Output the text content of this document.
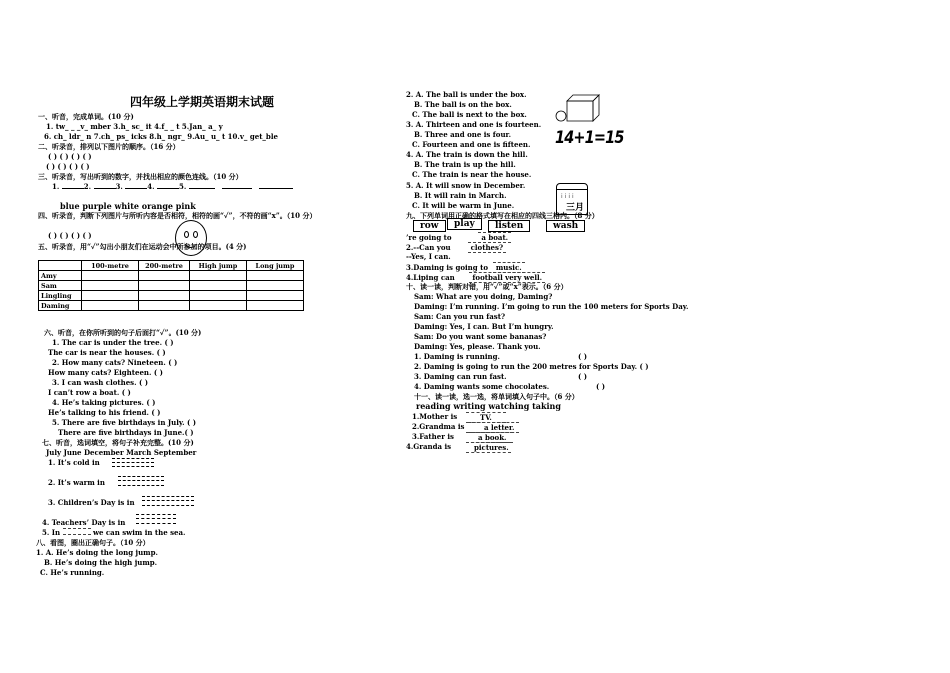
四年级上学期英语期末试题
一、听音，完成单词。(10 分)
1. tw_ _ _v_ mber 3.h_ sc_ it 4.f_ _ t 5.Jan_ a_ y
6. ch_ ldr_ n 7.ch_ ps_ icks 8.h_ ngr_ 9.Au_ u_ t 10.v_ get_ble
二、听录音，排列以下图片的顺序。（16 分）
( ) ( ) ( ) ( )
( ) ( ) ( ) ( )
三、听录音，写出听到的数字，并找出相应的颜色连线。（10 分）
1.	2.	3.	4.	5.
blue purple white orange pink
四、听录音，判断下列图片与所听内容是否相符，相符的画“✓”，不符的画“ⅹ”。（10 分）
( ) ( ) ( ) ( )
五、听录音，用“✓”勾出小朋友们在运动会中所参加的项目。(4 分)
	100-metre	200-metre	High jump	Long jump
Amy				
Sam				
Lingling				
Daming				
六、听音，在你所听到的句子后面打“✓”。(10 分)
1. The car is under the tree. ( )
The car is near the houses. ( )
2. How many cats? Nineteen. ( )
How many cats? Eighteen. ( )
3. I can wash clothes. ( )
I can’t row a boat. ( )
4. He’s taking pictures. ( )
He’s talking to his friend. ( )
5. There are five birthdays in July. ( )
There are five birthdays in June.( )
七、听音，选词填空，将句子补充完整。(10 分)
July June December March September
1. It’s cold in
2. It’s warm in
3. Children’s Day is in
4. Teachers’ Day is in
5. In	we can swim in the sea.
八、看图，圈出正确句子。（10 分）
1. A. He’s doing the long jump.
B. He’s doing the high jump.
C. He’s running.
2. A. The ball is under the box.
B. The ball is on the box.
C. The ball is next to the box.
3. A. Thirteen and one is fourteen.
B. Three and one is four.
C. Fourteen and one is fifteen.
4. A. The train is down the hill.
B. The train is up the hill.
C. The train is near the house.
5. A. It will snow in December.
B. It will rain in March.
C. It will be warm in June.
14+1=15
⁞⁞⁞⁞
三月
九、下列单词用正确的格式填写在相应的四线三格内。（8 分）
row	play	listen	wash
’re going to	a boat.
2.--Can you	clothes?
--Yes, I can.
3.Daming is going to music.
4.Liping can	football very well.
十、读一读，判断对错，用“✓”或“ⅹ”表示。（6 分）
Sam: What are you doing, Daming?
Daming: I’m running. I’m going to run the 100 meters for Sports Day.
Sam: Can you run fast?
Daming: Yes, I can. But I’m hungry.
Sam: Do you want some bananas?
Daming: Yes, please. Thank you.
1. Daming is running.	( )
2. Daming is going to run the 200 metres for Sports Day. ( )
3. Daming can run fast.	( )
4. Daming wants some chocolates.	( )
十一、读一读，选一选，将单词填入句子中。（6 分）
reading writing watching taking
1.Mother is	TV.
2.Grandma is	a letter.
3.Father is	a book.
4.Granda is	pictures.
